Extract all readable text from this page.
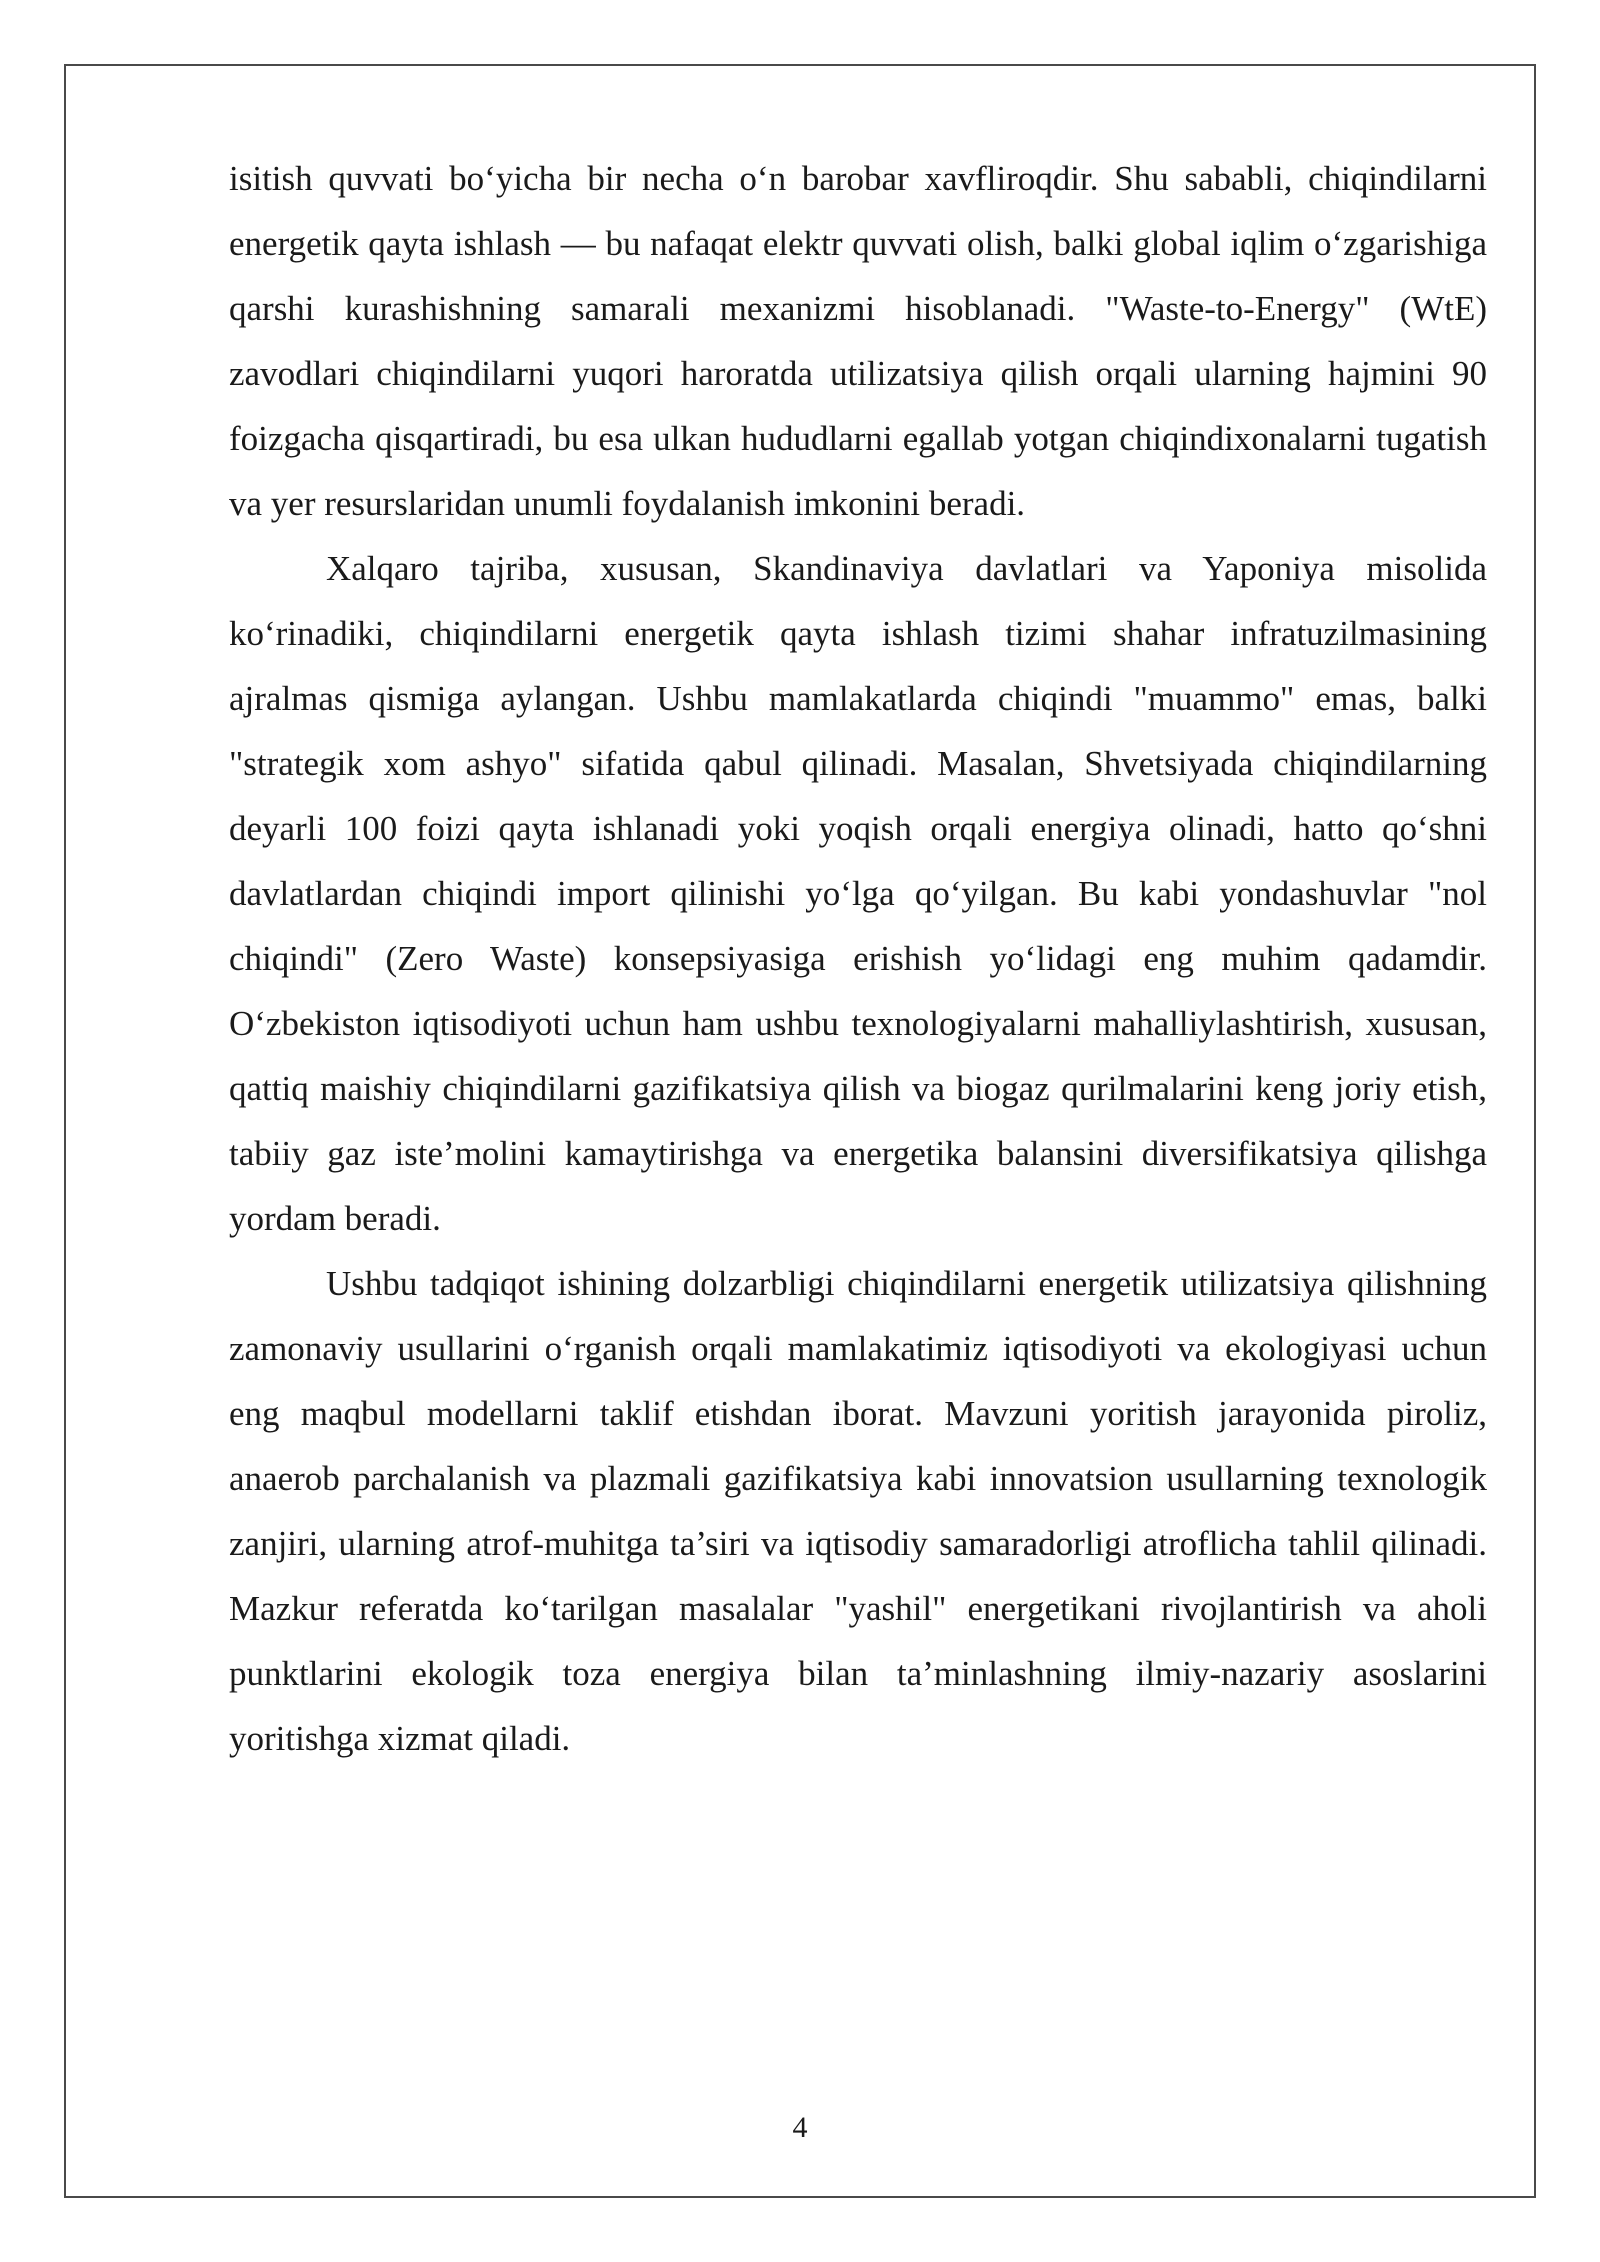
isitish quvvati bo‘yicha bir necha o‘n barobar xavfliroqdir. Shu sababli, chiqindilarni energetik qayta ishlash — bu nafaqat elektr quvvati olish, balki global iqlim o‘zgarishiga qarshi kurashishning samarali mexanizmi hisoblanadi. "Waste-to-Energy" (WtE) zavodlari chiqindilarni yuqori haroratda utilizatsiya qilish orqali ularning hajmini 90 foizgacha qisqartiradi, bu esa ulkan hududlarni egallab yotgan chiqindixonalarni tugatish va yer resurslaridan unumli foydalanish imkonini beradi.

Xalqaro tajriba, xususan, Skandinaviya davlatlari va Yaponiya misolida ko‘rinadiki, chiqindilarni energetik qayta ishlash tizimi shahar infratuzilmasining ajralmas qismiga aylangan. Ushbu mamlakatlarda chiqindi "muammo" emas, balki "strategik xom ashyo" sifatida qabul qilinadi. Masalan, Shvetsiyada chiqindilarning deyarli 100 foizi qayta ishlanadi yoki yoqish orqali energiya olinadi, hatto qo‘shni davlatlardan chiqindi import qilinishi yo‘lga qo‘yilgan. Bu kabi yondashuvlar "nol chiqindi" (Zero Waste) konsepsiyasiga erishish yo‘lidagi eng muhim qadamdir. O‘zbekiston iqtisodiyoti uchun ham ushbu texnologiyalarni mahalliylashtirish, xususan, qattiq maishiy chiqindilarni gazifikatsiya qilish va biogaz qurilmalarini keng joriy etish, tabiiy gaz iste’molini kamaytirishga va energetika balansini diversifikatsiya qilishga yordam beradi.

Ushbu tadqiqot ishining dolzarbligi chiqindilarni energetik utilizatsiya qilishning zamonaviy usullarini o‘rganish orqali mamlakatimiz iqtisodiyoti va ekologiyasi uchun eng maqbul modellarni taklif etishdan iborat. Mavzuni yoritish jarayonida piroliz, anaerob parchalanish va plazmali gazifikatsiya kabi innovatsion usullarning texnologik zanjiri, ularning atrof-muhitga ta’siri va iqtisodiy samaradorligi atroflicha tahlil qilinadi. Mazkur referatda ko‘tarilgan masalalar "yashil" energetikani rivojlantirish va aholi punktlarini ekologik toza energiya bilan ta’minlashning ilmiy-nazariy asoslarini yoritishga xizmat qiladi.

4
